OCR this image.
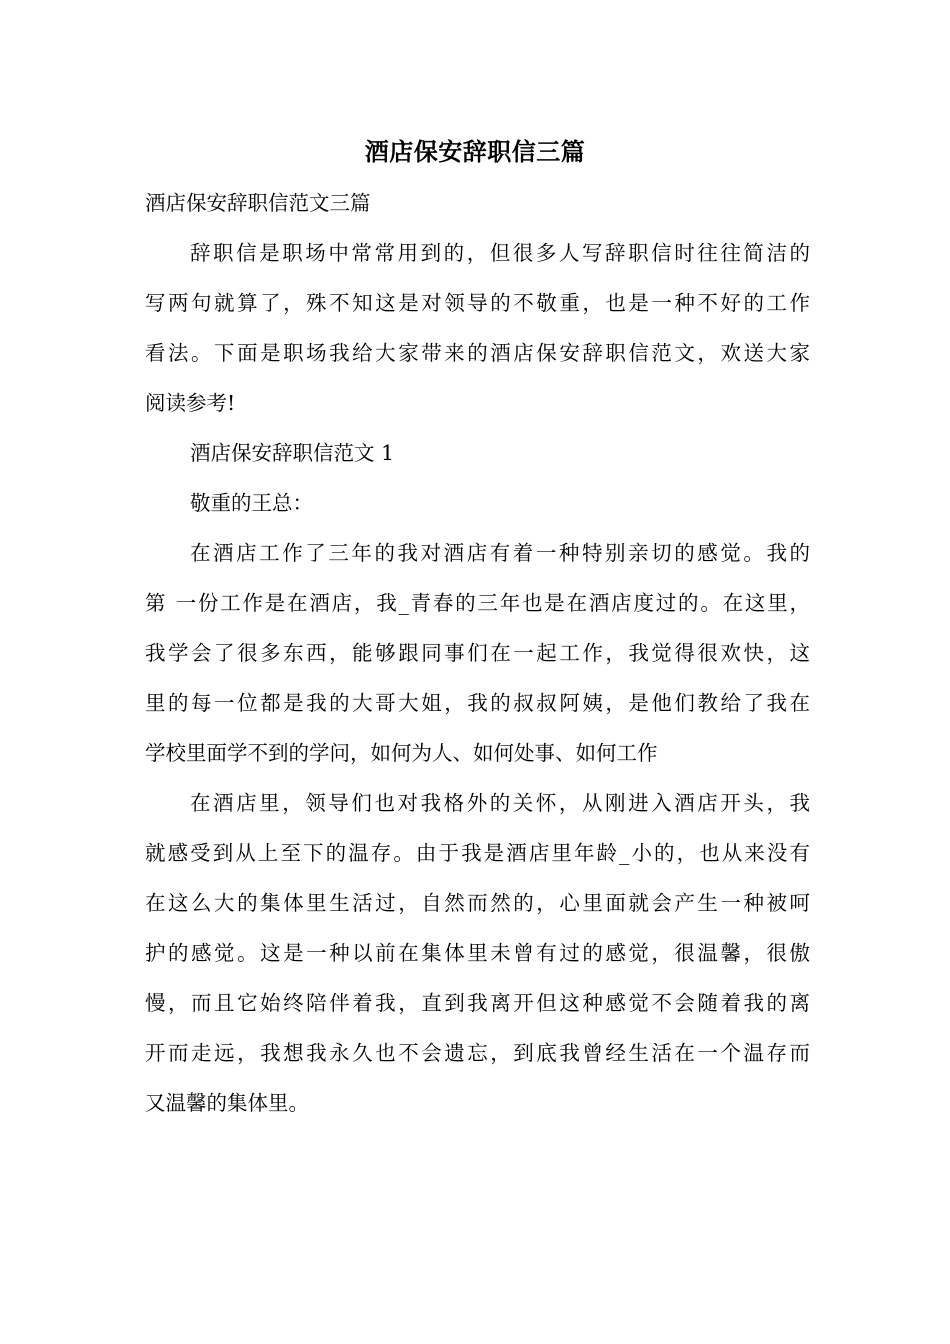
酒店保安辞职信三篇

酒店保安辞职信范文三篇

辞职信是职场中常常用到的，但很多人写辞职信时往往简洁的
写两句就算了，殊不知这是对领导的不敬重，也是一种不好的工作
看法。下面是职场我给大家带来的酒店保安辞职信范文，欢送大家
阅读参考!

酒店保安辞职信范文 1

敬重的王总：

在酒店工作了三年的我对酒店有着一种特别亲切的感觉。我的
第 一份工作是在酒店，我_青春的三年也是在酒店度过的。在这里，
我学会了很多东西，能够跟同事们在一起工作，我觉得很欢快，这
里的每一位都是我的大哥大姐，我的叔叔阿姨，是他们教给了我在
学校里面学不到的学问，如何为人、如何处事、如何工作

在酒店里，领导们也对我格外的关怀，从刚进入酒店开头，我
就感受到从上至下的温存。由于我是酒店里年龄_小的，也从来没有
在这么大的集体里生活过，自然而然的，心里面就会产生一种被呵
护的感觉。这是一种以前在集体里未曾有过的感觉，很温馨，很傲
慢，而且它始终陪伴着我，直到我离开但这种感觉不会随着我的离
开而走远，我想我永久也不会遗忘，到底我曾经生活在一个温存而
又温馨的集体里。
